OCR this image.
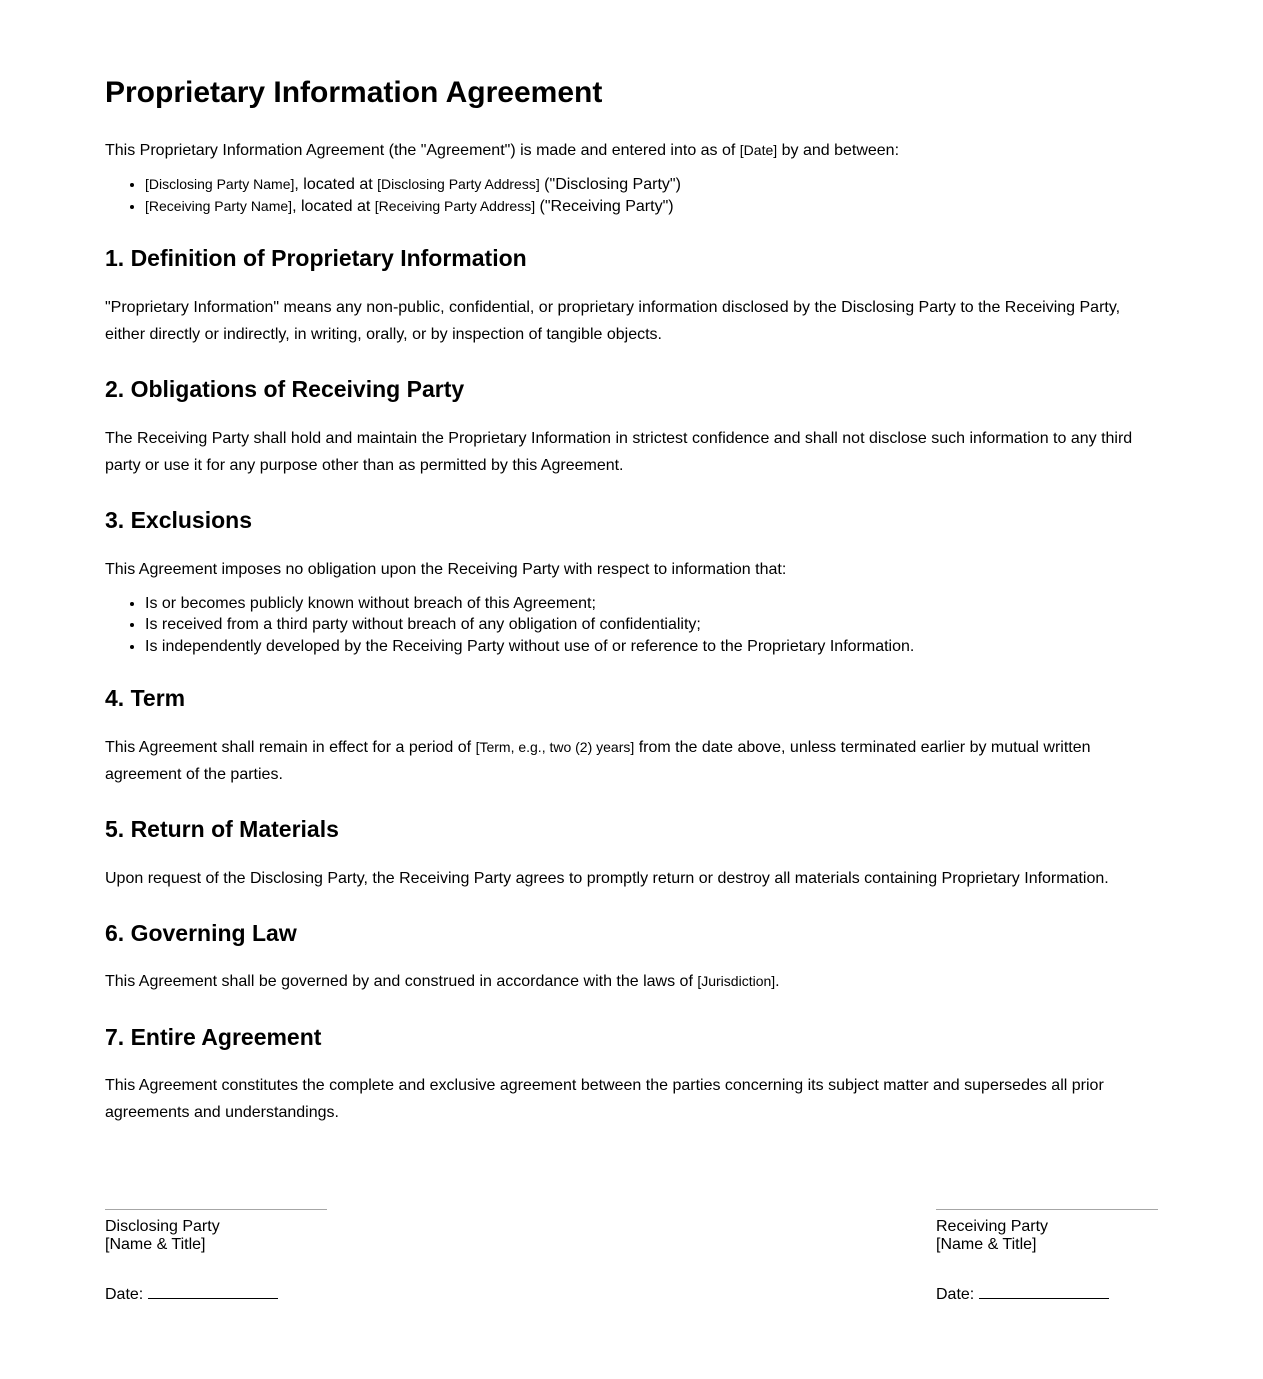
Proprietary Information Agreement

This Proprietary Information Agreement (the "Agreement") is made and entered into as of [Date] by and between:

• [Disclosing Party Name], located at [Disclosing Party Address] ("Disclosing Party")
• [Receiving Party Name], located at [Receiving Party Address] ("Receiving Party")
1. Definition of Proprietary Information

"Proprietary Information" means any non-public, confidential, or proprietary information disclosed by the Disclosing Party to the Receiving Party, either directly or indirectly, in writing, orally, or by inspection of tangible objects.

2. Obligations of Receiving Party

The Receiving Party shall hold and maintain the Proprietary Information in strictest confidence and shall not disclose such information to any third party or use it for any purpose other than as permitted by this Agreement.

3. Exclusions

This Agreement imposes no obligation upon the Receiving Party with respect to information that:

• Is or becomes publicly known without breach of this Agreement;
• Is received from a third party without breach of any obligation of confidentiality;
• Is independently developed by the Receiving Party without use of or reference to the Proprietary Information.
4. Term

This Agreement shall remain in effect for a period of [Term, e.g., two (2) years] from the date above, unless terminated earlier by mutual written agreement of the parties.

5. Return of Materials

Upon request of the Disclosing Party, the Receiving Party agrees to promptly return or destroy all materials containing Proprietary Information.

6. Governing Law

This Agreement shall be governed by and construed in accordance with the laws of [Jurisdiction].

7. Entire Agreement

This Agreement constitutes the complete and exclusive agreement between the parties concerning its subject matter and supersedes all prior agreements and understandings.

Disclosing Party
[Name & Title]
Date:
Receiving Party
[Name & Title]
Date:
